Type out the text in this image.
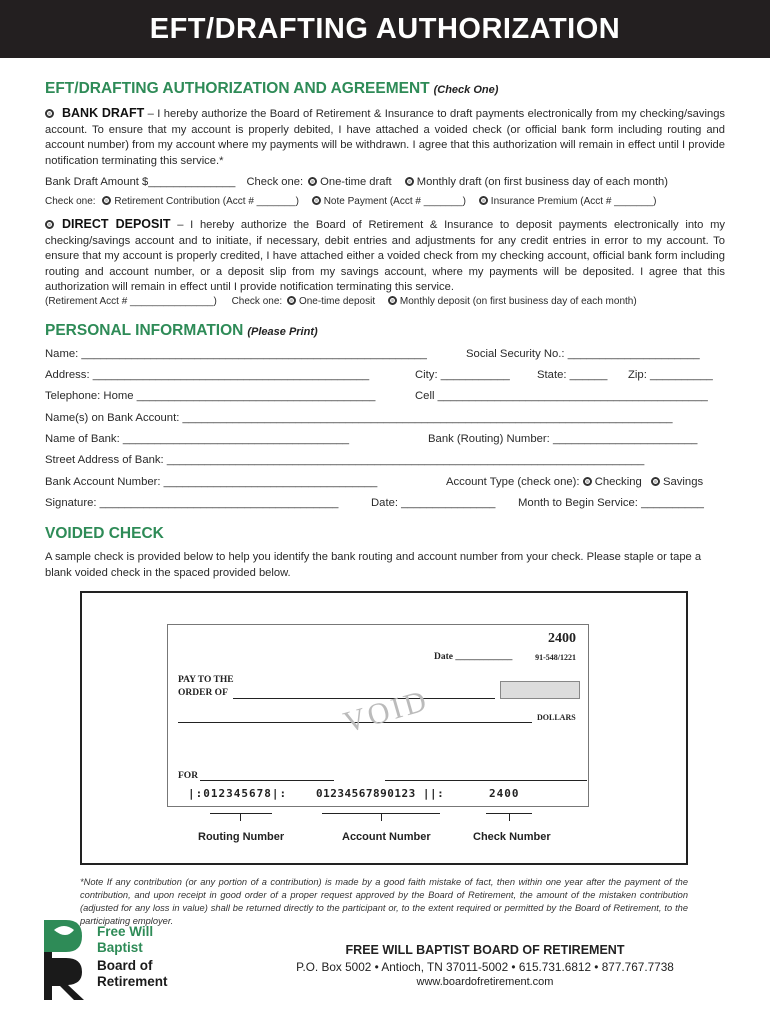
EFT/DRAFTING AUTHORIZATION
EFT/DRAFTING AUTHORIZATION AND AGREEMENT (Check One)
BANK DRAFT – I hereby authorize the Board of Retirement & Insurance to draft payments electronically from my checking/savings account. To ensure that my account is properly debited, I have attached a voided check (or official bank form including routing and account number) from my account where my payments will be withdrawn. I agree that this authorization will remain in effect until I provide notification terminating this service.*
Bank Draft Amount $______________ Check one: One-time draft Monthly draft (on first business day of each month)
Check one: Retirement Contribution (Acct # _______) Note Payment (Acct # _______) Insurance Premium (Acct # _______)
DIRECT DEPOSIT – I hereby authorize the Board of Retirement & Insurance to deposit payments electronically into my checking/savings account and to initiate, if necessary, debit entries and adjustments for any credit entries in error to my account. To ensure that my account is properly credited, I have attached either a voided check from my checking account, official bank form including routing and account number, or a deposit slip from my savings account, where my payments will be deposited. I agree that this authorization will remain in effect until I provide notification terminating this service.
(Retirement Acct # _______________) Check one: One-time deposit Monthly deposit (on first business day of each month)
PERSONAL INFORMATION (Please Print)
Name: _______________________________________________________	Social Security No.: _____________________
Address: ____________________________________________	City: ___________ State: ______ Zip: __________
Telephone: Home ______________________________________	Cell ___________________________________________
Name(s) on Bank Account: ______________________________________________________________________________
Name of Bank: ____________________________________	Bank (Routing) Number: _______________________
Street Address of Bank: ____________________________________________________________________________
Bank Account Number: __________________________________	Account Type (check one): Checking Savings
Signature: ______________________________________	Date: _______________ Month to Begin Service: __________
VOIDED CHECK
A sample check is provided below to help you identify the bank routing and account number from your check. Please staple or tape a blank voided check in the spaced provided below.
2400
Date ____________	91-548/1221
PAY TO THE
ORDER OF
DOLLARS
VOID
FOR
|:012345678|:	01234567890123 ||:	2400
Routing Number	Account Number	Check Number
*Note If any contribution (or any portion of a contribution) is made by a good faith mistake of fact, then within one year after the payment of the contribution, and upon receipt in good order of a proper request approved by the Board of Retirement, the amount of the mistaken contribution (adjusted for any loss in value) shall be returned directly to the participant or, to the extent required or permitted by the Board of Retirement, to the participating employer.
Free Will
Baptist
Board of
Retirement
FREE WILL BAPTIST BOARD OF RETIREMENT
P.O. Box 5002 • Antioch, TN 37011-5002 • 615.731.6812 • 877.767.7738
www.boardofretirement.com
